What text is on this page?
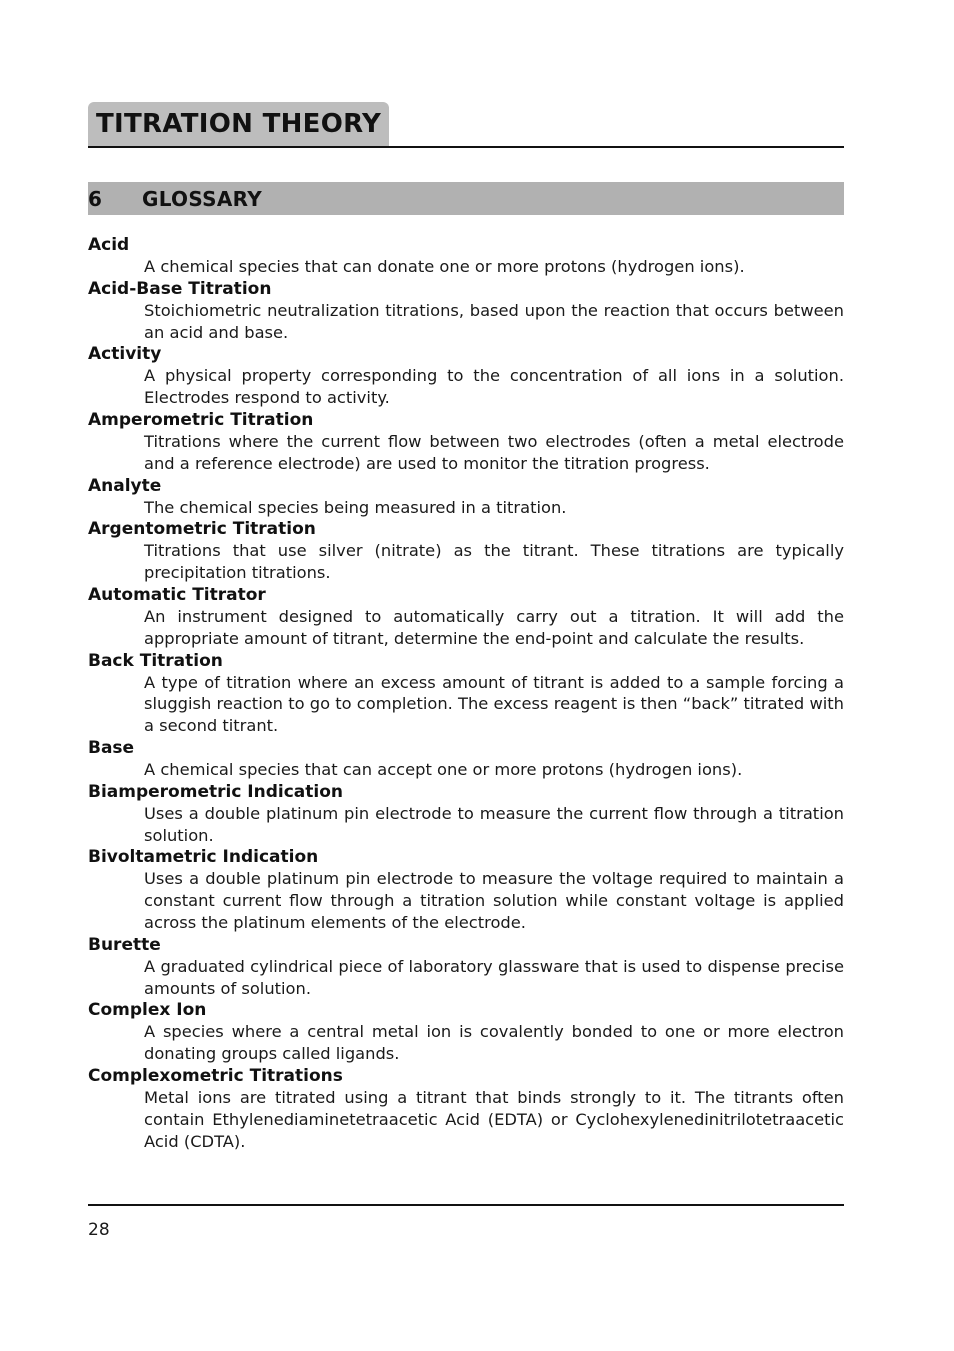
TITRATION THEORY
6	GLOSSARY
Acid
A chemical species that can donate one or more protons (hydrogen ions).
Acid-Base Titration
Stoichiometric neutralization titrations, based upon the reaction that occurs between an acid and base.
Activity
A physical property corresponding to the concentration of all ions in a solution. Electrodes respond to activity.
Amperometric Titration
Titrations where the current flow between two electrodes (often a metal electrode and a reference electrode) are used to monitor the titration progress.
Analyte
The chemical species being measured in a titration.
Argentometric Titration
Titrations that use silver (nitrate) as the titrant. These titrations are typically precipitation titrations.
Automatic Titrator
An instrument designed to automatically carry out a titration. It will add the appropriate amount of titrant, determine the end-point and calculate the results.
Back Titration
A type of titration where an excess amount of titrant is added to a sample forcing a sluggish reaction to go to completion. The excess reagent is then “back” titrated with a second titrant.
Base
A chemical species that can accept one or more protons (hydrogen ions).
Biamperometric Indication
Uses a double platinum pin electrode to measure the current flow through a titration solution.
Bivoltametric Indication
Uses a double platinum pin electrode to measure the voltage required to maintain a constant current flow through a titration solution while constant voltage is applied across the platinum elements of the electrode.
Burette
A graduated cylindrical piece of laboratory glassware that is used to dispense precise amounts of solution.
Complex Ion
A species where a central metal ion is covalently bonded to one or more electron donating groups called ligands.
Complexometric Titrations
Metal ions are titrated using a titrant that binds strongly to it. The titrants often contain Ethylenediaminetetraacetic Acid (EDTA) or Cyclohexylenedinitrilotetraacetic Acid (CDTA).
28
